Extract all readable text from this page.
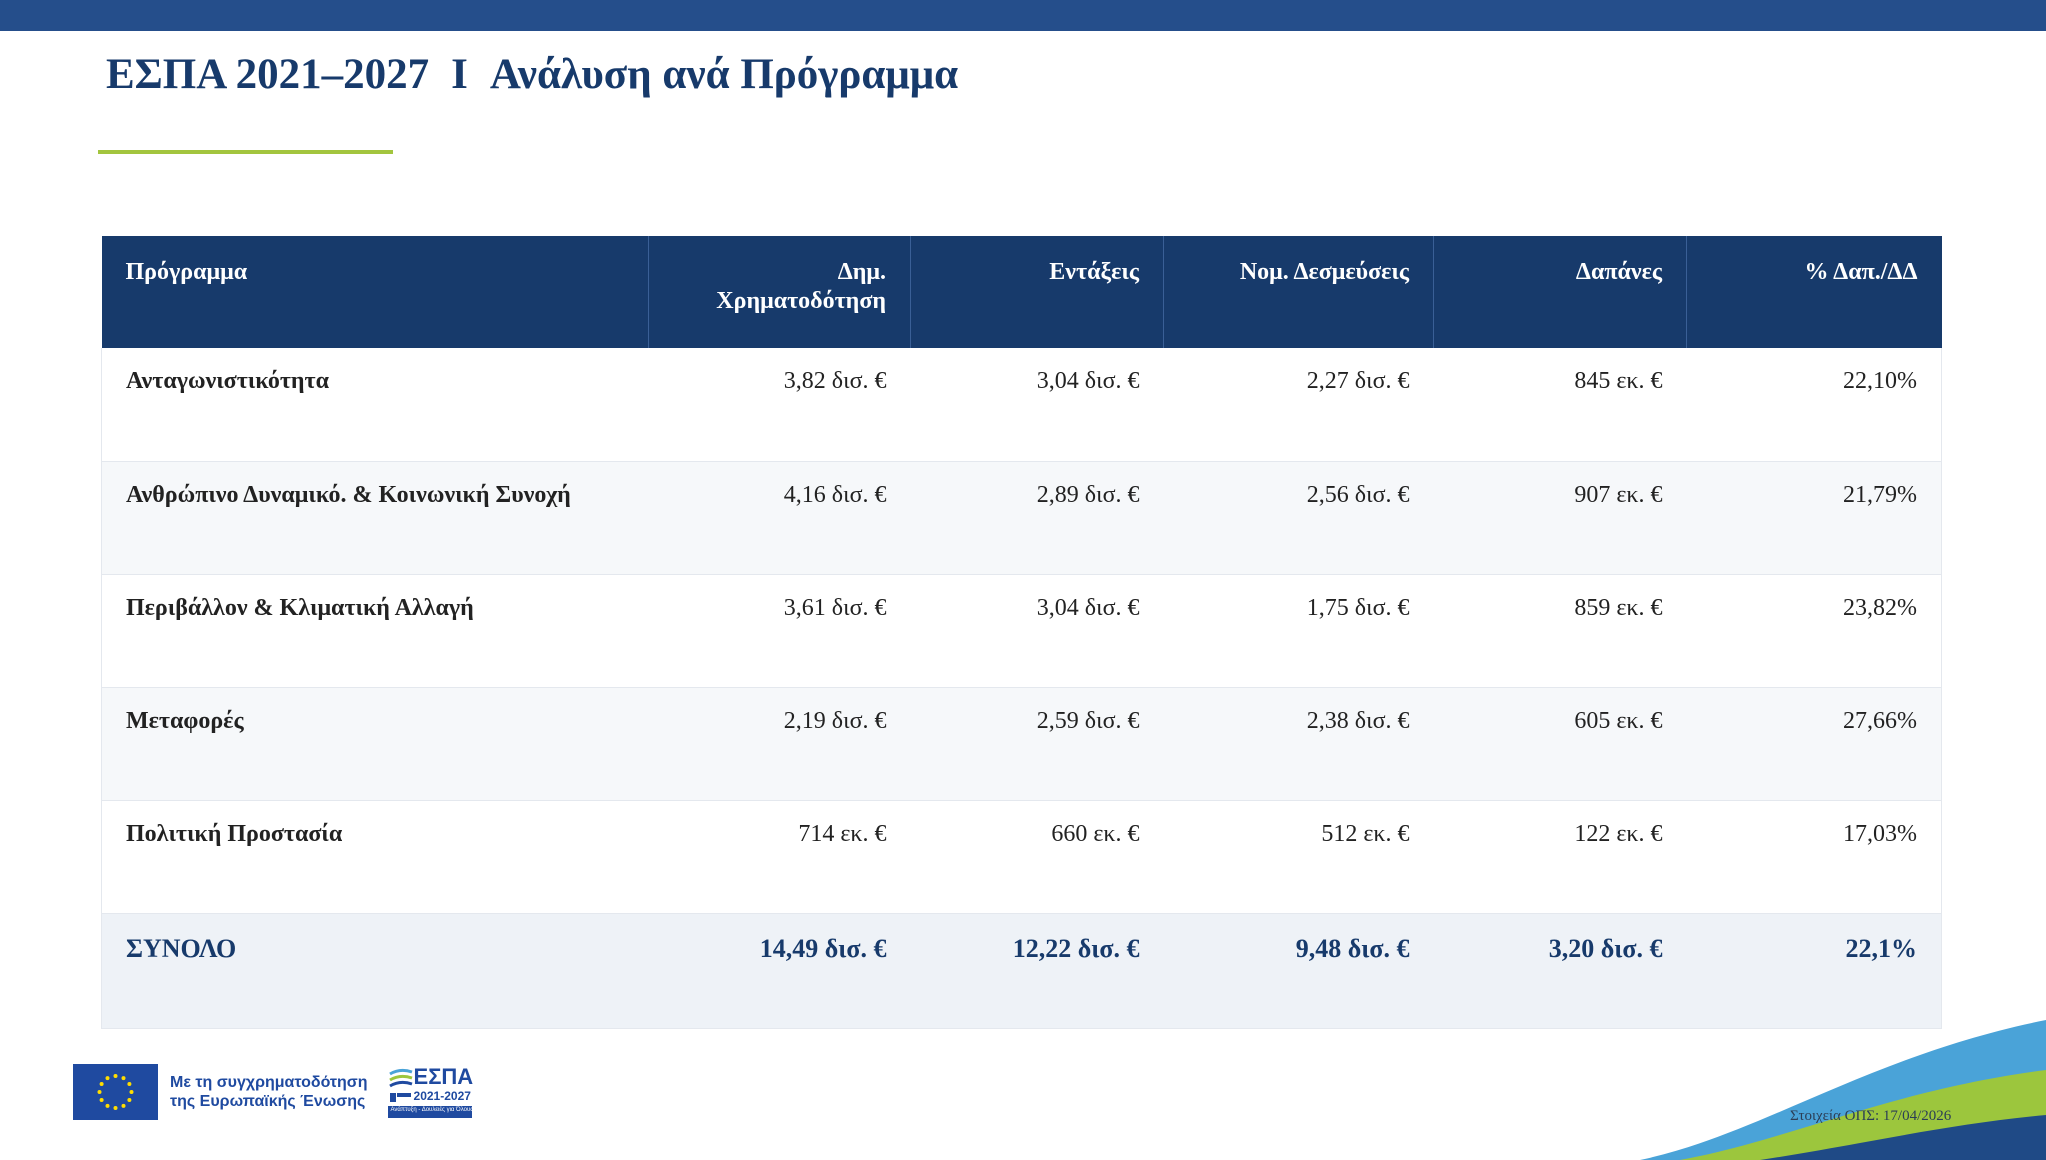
ΕΣΠΑ 2021–2027 I Ανάλυση ανά Πρόγραμμα
Πρόγραμμα	Δημ. Χρηματοδότηση	Εντάξεις	Νομ. Δεσμεύσεις	Δαπάνες	% Δαπ./ΔΔ
Ανταγωνιστικότητα	3,82 δισ. €	3,04 δισ. €	2,27 δισ. €	845 εκ. €	22,10%
Ανθρώπινο Δυναμικό. & Κοινωνική Συνοχή	4,16 δισ. €	2,89 δισ. €	2,56 δισ. €	907 εκ. €	21,79%
Περιβάλλον & Κλιματική Αλλαγή	3,61 δισ. €	3,04 δισ. €	1,75 δισ. €	859 εκ. €	23,82%
Μεταφορές	2,19 δισ. €	2,59 δισ. €	2,38 δισ. €	605 εκ. €	27,66%
Πολιτική Προστασία	714 εκ. €	660 εκ. €	512 εκ. €	122 εκ. €	17,03%
ΣΥΝΟΛΟ	14,49 δισ. €	12,22 δισ. €	9,48 δισ. €	3,20 δισ. €	22,1%
Με τη συγχρηματοδότηση
της Ευρωπαϊκής Ένωσης
ΕΣΠΑ
2021-2027
Ανάπτυξη - Δουλειές για Όλους	Στοιχεία ΟΠΣ: 17/04/2026
